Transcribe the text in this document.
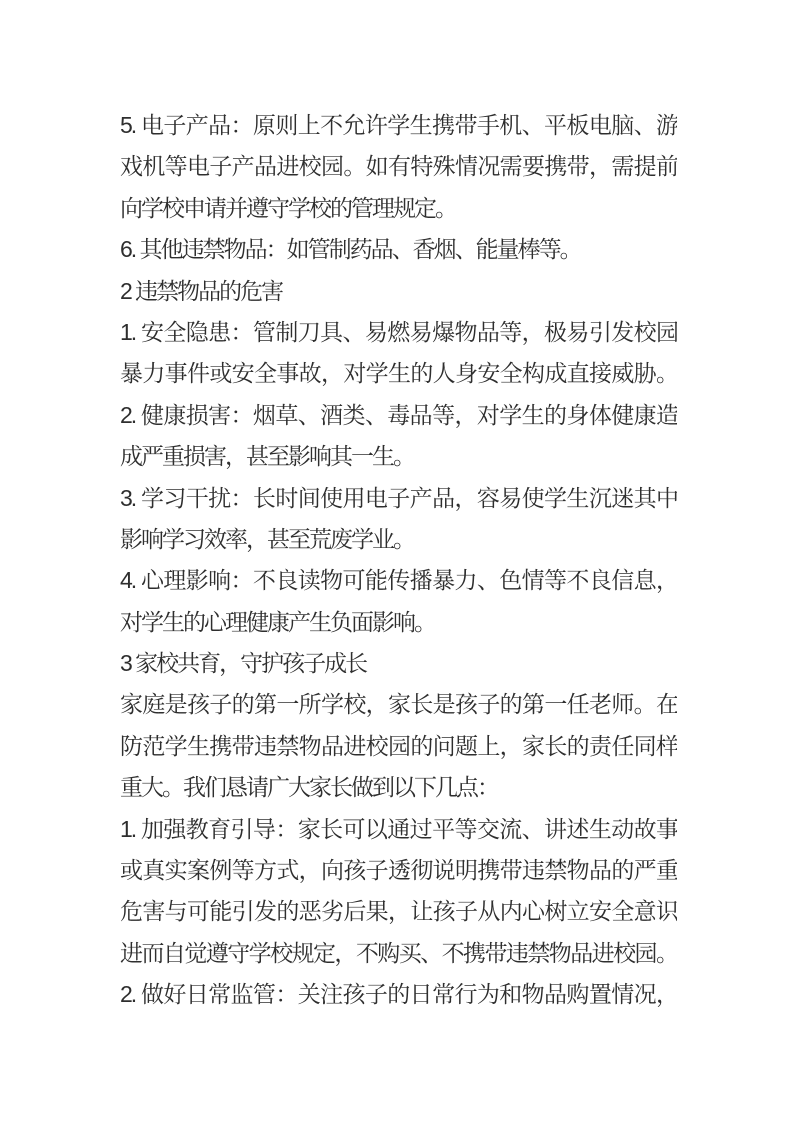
5. 电子产品：原则上不允许学生携带手机、平板电脑、游
戏机等电子产品进校园。如有特殊情况需要携带，需提前
向学校申请并遵守学校的管理规定。
6. 其他违禁物品：如管制药品、香烟、能量棒等。
2 违禁物品的危害
1. 安全隐患：管制刀具、易燃易爆物品等，极易引发校园
暴力事件或安全事故，对学生的人身安全构成直接威胁。
2. 健康损害：烟草、酒类、毒品等，对学生的身体健康造
成严重损害，甚至影响其一生。
3. 学习干扰：长时间使用电子产品，容易使学生沉迷其中
影响学习效率，甚至荒废学业。
4. 心理影响：不良读物可能传播暴力、色情等不良信息，
对学生的心理健康产生负面影响。
3 家校共育，守护孩子成长
家庭是孩子的第一所学校，家长是孩子的第一任老师。在
防范学生携带违禁物品进校园的问题上，家长的责任同样
重大。我们恳请广大家长做到以下几点：
1. 加强教育引导：家长可以通过平等交流、讲述生动故事
或真实案例等方式，向孩子透彻说明携带违禁物品的严重
危害与可能引发的恶劣后果，让孩子从内心树立安全意识
进而自觉遵守学校规定，不购买、不携带违禁物品进校园。
2. 做好日常监管：关注孩子的日常行为和物品购置情况，
